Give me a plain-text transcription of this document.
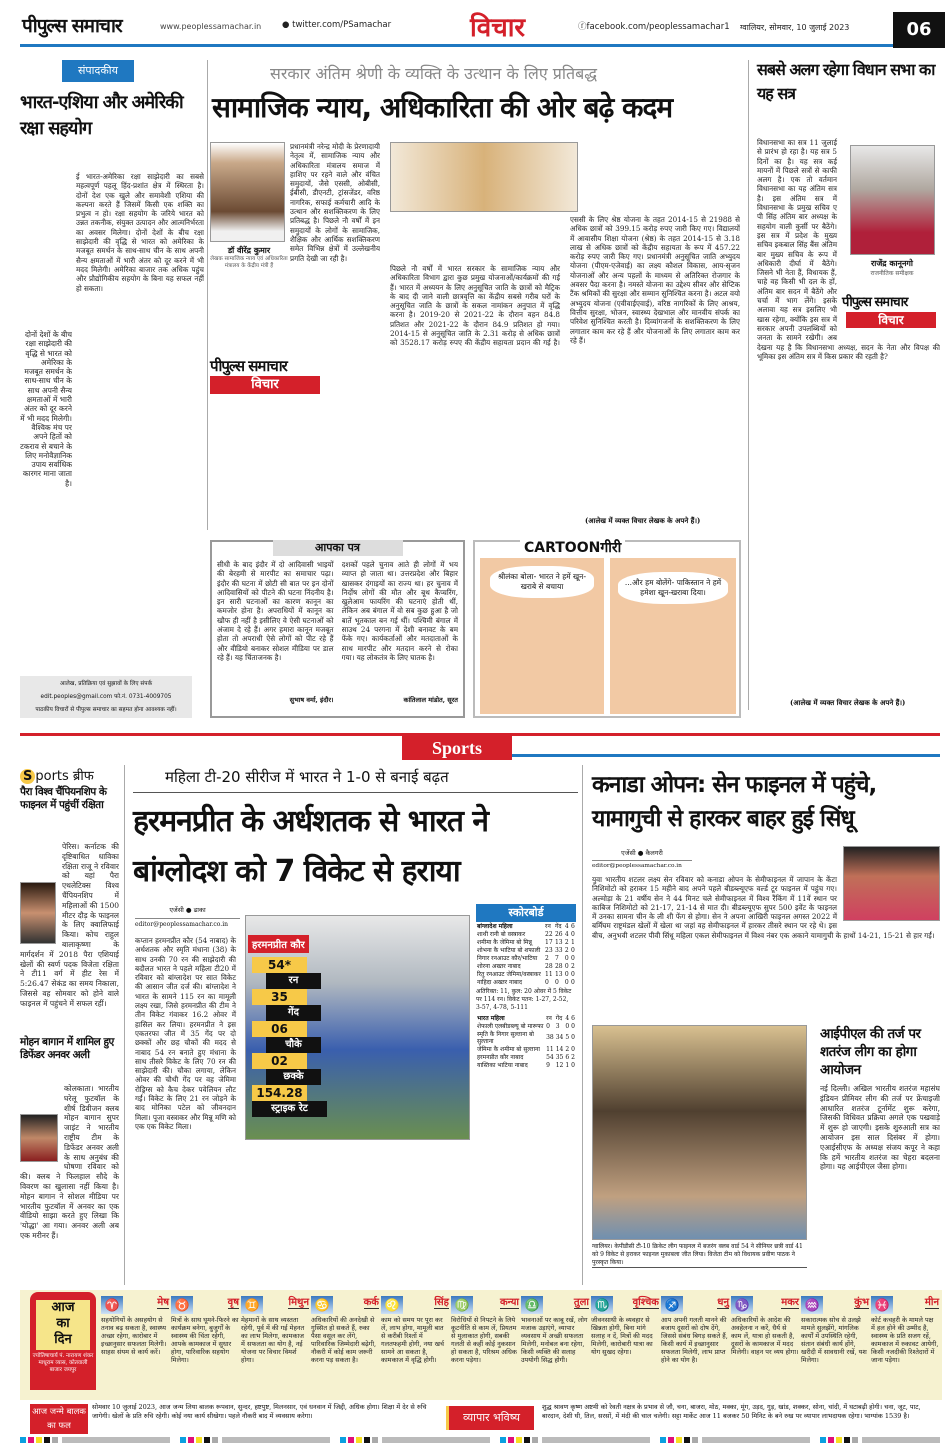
पीपुल्स समाचार	www.peoplessamachar.in ● twitter.com/PSamachar	विचार	ⓕfacebook.com/peoplessamachar1 ग्वालियर, सोमवार, 10 जुलाई 2023	06
संपादकीय
भारत-एशिया और अमेरिकी रक्षा सहयोग
ई भारत-अमेरिका रक्षा साझेदारी का सबसे महत्वपूर्ण पहलू हिंद-प्रशांत क्षेत्र में स्थिरता है। दोनों देश एक खुले और समावेशी एशिया की कल्पना करते हैं जिसमें किसी एक शक्ति का प्रभुत्व न हो। रक्षा सहयोग के जरिये भारत को उन्नत तकनीक, संयुक्त उत्पादन और आत्मनिर्भरता का अवसर मिलेगा। दोनों देशों के बीच रक्षा साझेदारी की वृद्धि से भारत को अमेरिका के मजबूत समर्थन के साथ-साथ चीन के साथ अपनी सैन्य क्षमताओं में भारी अंतर को दूर करने में भी मदद मिलेगी। अमेरिका बाजार तक अधिक पहुंच और प्रौद्योगिकीय सहयोग के बिना यह सफल नहीं हो सकता।
दोनों देशों के बीच रक्षा साझेदारी की वृद्धि से भारत को अमेरिका के मजबूत समर्थन के साथ-साथ चीन के साथ अपनी सैन्य क्षमताओं में भारी अंतर को दूर करने में भी मदद मिलेगी। वैश्विक मंच पर अपने हितों को टकराव से बचाने के लिए मनोवैज्ञानिक उपाय सर्वाधिक कारगर माना जाता है।
आलेख, प्रतिक्रिया एवं सुझावों के लिए संपर्क
edit.peoples@gmail.com फो.नं. 0731-4009705
पाठकीय विचारों से पीपुल्स समाचार का सहमत होना आवश्यक नहीं।
सरकार अंतिम श्रेणी के व्यक्ति के उत्थान के लिए प्रतिबद्ध
सामाजिक न्याय, अधिकारिता की ओर बढ़े कदम
डॉ वीरेंद्र कुमार
लेखक सामाजिक न्याय एवं अधिकारिता मंत्रालय के केंद्रीय मंत्री हैं
प्रधानमंत्री नरेन्द्र मोदी के प्रेरणादायी नेतृत्व में, सामाजिक न्याय और अधिकारिता मंत्रालय समाज में हाशिए पर रहने वाले और वंचित समुदायों, जैसे एससी, ओबीसी, ईबीसी, डीएनटी, ट्रांसजेंडर, वरिष्ठ नागरिक, सफाई कर्मचारी आदि के उत्थान और सशक्तिकरण के लिए प्रतिबद्ध है। पिछले नौ वर्षों में इन समुदायों के लोगों के सामाजिक, शैक्षिक और आर्थिक सशक्तिकरण समेत विभिन्न क्षेत्रों में उल्लेखनीय प्रगति देखी जा रही है।
पीपुल्स समाचार
विचार
पिछले नौ वर्षों में भारत सरकार के सामाजिक न्याय और अधिकारिता विभाग द्वारा कुछ प्रमुख योजनाओं/कार्यक्रमों की गई हैं। भारत में अध्ययन के लिए अनुसूचित जाति के छात्रों को मैट्रिक के बाद दी जाने वाली छात्रवृत्ति का केंद्रीय सबसे गरीब घरों के अनुसूचित जाति के छात्रों के सकल नामांकन अनुपात में वृद्धि करना है। 2019-20 से 2021-22 के दौरान वहन 84.8 प्रतिशत और 2021-22 के दौरान 84.9 प्रतिशत हो गया। 2014-15 से अनुसूचित जाति के 2.31 करोड़ से अधिक छात्रों को 3528.17 करोड़ रुपए की केंद्रीय सहायता प्रदान की गई है। एससी के लिए श्रेष्ठ योजना के तहत 2014-15 से 21988 से अधिक छात्रों को 399.15 करोड़ रुपए जारी किए गए। विद्यालयों में आवासीय शिक्षा योजना (श्रेष्ठ) के तहत 2014-15 से 3.18 लाख से अधिक छात्रों को केंद्रीय सहायता के रूप में 457.22 करोड़ रुपए जारी किए गए। प्रधानमंत्री अनुसूचित जाति अभ्युदय योजना (पीएम-एजेवाई) का लक्ष्य कौशल विकास, आय-सृजन योजनाओं और अन्य पहलों के माध्यम से अतिरिक्त रोजगार के अवसर पैदा करना है। नमस्ते योजना का उद्देश्य सीवर और सेप्टिक टैंक श्रमिकों की सुरक्षा और सम्मान सुनिश्चित करना है। अटल वयो अभ्युदय योजना (एवीवाईएवाई), वरिष्ठ नागरिकों के लिए आश्रय, वित्तीय सुरक्षा, भोजन, स्वास्थ्य देखभाल और मानवीय संपर्क का परिवेश सुनिश्चित करती है। दिव्यांगजनों के सशक्तिकरण के लिए लगातार काम कर रहे हैं और योजनाओं के लिए लगातार काम कर रहे हैं।
(आलेख में व्यक्त विचार लेखक के अपने हैं।)
सबसे अलग रहेगा विधान सभा का यह सत्र
राजेंद्र कानूनगो
राजनीतिक समीक्षक
पीपुल्स समाचार
विचार
विधानसभा का सत्र 11 जुलाई से प्रारंभ हो रहा है। यह सत्र 5 दिनों का है। यह सत्र कई मायनों में पिछले सत्रों से काफी अलग है। एक तो वर्तमान विधानसभा का यह अंतिम सत्र है। इस अंतिम सत्र में विधानसभा के प्रमुख सचिव ए पी सिंह अंतिम बार अध्यक्ष के सहयोग वाली कुर्सी पर बैठेंगे। इस सत्र में प्रदेश के मुख्य सचिव इकबाल सिंह बैंस अंतिम बार मुख्य सचिव के रूप में अधिकारी दीर्घा में बैठेंगे। जिसने भी नेता हैं, विधायक हैं, चाहे वह किसी भी दल के हों, अंतिम बार सदन में बैठेंगे और चर्चा में भाग लेंगे। इसके अलावा यह सत्र इसलिए भी खास रहेगा, क्योंकि इस सत्र में सरकार अपनी उपलब्धियों को जनता के सामने रखेगी। अब देखना यह है कि विधानसभा अध्यक्ष, सदन के नेता और विपक्ष की भूमिका इस अंतिम सत्र में किस प्रकार की रहती है?
(आलेख में व्यक्त विचार लेखक के अपने हैं।)
आपका पत्र
सीधी के बाद इंदौर में दो आदिवासी भाइयों की बेरहमी से मारपीट का समाचार पढ़ा। इंदौर की घटना में छोटी सी बात पर इन दोनों आदिवासियों को पीटने की घटना निंदनीय है। इन सारी घटनाओं का कारण कानून का कमजोर होना है। अपराधियों में कानून का खौफ ही नहीं है इसीलिए वे ऐसी घटनाओं को अंजाम दे रहे हैं। अगर हमारा कानून मजबूत होता तो अपराधी ऐसे लोगों को पीट रहे हैं और वीडियो बनाकर सोशल मीडिया पर डाल रहे हैं। यह चिंताजनक है।
सुभाष वर्मा, इंदौर।
दशकों पहले चुनाव आते ही लोगों में भय व्याप्त हो जाता था। उत्तरप्रदेश और बिहार खासकर दंगाइयों का राज्य था। हर चुनाव में निर्दोष लोगों की मौत और बूथ कैप्चरिंग, खुलेआम फायरिंग की घटनाएं होती थीं, लेकिन अब बंगाल में वो सब कुछ हुआ है जो बातें भूतकाल बन गई थीं। पश्चिमी बंगाल में साउथ 24 परगना में देशी बनावट के बम फेंके गए। कार्यकर्ताओं और मतदाताओं के साथ मारपीट और मतदान करने से रोका गया। यह लोकतंत्र के लिए घातक है।
कांतिलाल मांडोत, सूरत
CARTOONगीरी
श्रीलंका बोला- भारत ने हमें खून-खराबे से बचाया	...और हम बोलेंगे- पाकिस्तान ने हमें हमेशा खून-खराबा दिया।
Sports
S ports ब्रीफ
पैरा विश्व चैंपियनशिप के फाइनल में पहुंचीं रक्षिता
पेरिस। कर्नाटक की दृष्टिबाधित धाविका रक्षिता राजू ने रविवार को यहां पैरा एथलेटिक्स विश्व चैंपियनशिप में महिलाओं की 1500 मीटर दौड़ के फाइनल के लिए क्वालिफाई किया। कोच राहुल बालाकृष्णा के मार्गदर्शन में 2018 पैरा एशियाई खेलों की स्वर्ण पदक विजेता रक्षिता ने टी11 वर्ग में हीट रेस में 5:26.47 सेकंड का समय निकाला, जिससे वह सोमवार को होने वाले फाइनल में पहुंचने में सफल रहीं।
मोहन बागान में शामिल हुए डिफेंडर अनवर अली
कोलकाता। भारतीय घरेलू फुटबॉल के शीर्ष डिवीजन क्लब मोहन बागान सुपर जाइंट ने भारतीय राष्ट्रीय टीम के डिफेंडर अनवर अली के साथ अनुबंध की घोषणा रविवार को की। क्लब ने फिलहाल सौदे के विवरण का खुलासा नहीं किया है। मोहन बागान ने सोशल मीडिया पर भारतीय फुटबॉल में अनवर का एक वीडियो साझा करते हुए लिखा कि 'योद्धा' आ गया। अनवर अली अब एक मरीनर हैं।
महिला टी-20 सीरीज में भारत ने 1-0 से बनाई बढ़त
हरमनप्रीत के अर्धशतक से भारत ने बांग्लोदश को 7 विकेट से हराया
एजेंसी ● ढाका
editor@peoplessamachar.co.in
कप्तान हरमनप्रीत कौर (54 नाबाद) के अर्धशतक और स्मृति मंधाना (38) के साथ उनकी 70 रन की साझेदारी की बदौलत भारत ने पहले महिला टी20 में रविवार को बांग्लादेश पर सात विकेट की आसान जीत दर्ज की। बांग्लादेश ने भारत के सामने 115 रन का मामूली लक्ष्य रखा, जिसे हरमनप्रीत की टीम ने तीन विकेट गंवाकर 16.2 ओवर में हासिल कर लिया। हरमनप्रीत ने इस एकतरफा जीत में 35 गेंद पर दो छक्कों और छह चौकों की मदद से नाबाद 54 रन बनाते हुए मंधाना के साथ तीसरे विकेट के लिए 70 रन की साझेदारी की। चौका लगाया, लेकिन ओवर की चौथी गेंद पर वह जेमिमा रोड्रिग्स को कैच देकर पवेलियन लौट गईं। विकेट के लिए 21 रन जोड़ने के बाद मोनिका पटेल को जीवनदान मिला। पूजा वस्त्राकर और मिन्नू मणि को एक एक विकेट मिला।
हरमनप्रीत कौर
54*
रन
35
गेंद
06
चौके
02
छक्के
154.28
स्ट्राइक रेट
स्कोरबोर्ड
बांग्लादेश महिला	रन	गेंद	4	6
शाथी रानी बो वस्त्राकर	22	26	4	0
शमीमा कै जेमिमा बो मिन्नू	17	13	2	1
शोभना कै भाटिया बो शफाली	23	33	2	0
निगार रनआउट कौर/भाटिया	2	7	0	0
शोरना अख्तर नाबाद	28	28	0	2
रितु रनआउट जेमिमा/वस्त्राकर	11	13	0	0
नाहिदा अख्तर नाबाद	0	0	0	0
अतिरिक्त: 11, कुल: 20 ओवर में 5 विकेट पर 114 रन। विकेट पतन: 1-27, 2-52, 3-57, 4-78, 5-111
भारत महिला	रन	गेंद	4	6
शेफाली एलबीडब्ल्यू बो मारूफा	0	3	0	0
स्मृति कै निगार सुल्ताना बो सुल्ताना	38	34	5	0
जेमिमा कै शमीमा बो सुल्ताना	11	14	2	0
हरमनप्रीत कौर नाबाद	54	35	6	2
यास्तिका भाटिया नाबाद	9	12	1	0
कनाडा ओपन: सेन फाइनल में पहुंचे, यामागुची से हारकर बाहर हुई सिंधू
एजेंसी ● कैलगरी
editor@peoplessamachar.co.in
युवा भारतीय शटलर लक्ष्य सेन रविवार को कनाडा ओपन के सेमीफाइनल में जापान के केंटा निशिमोटो को हराकर 15 महीने बाद अपने पहले बीडब्ल्यूएफ वर्ल्ड टूर फाइनल में पहुंच गए। अल्मोड़ा के 21 वर्षीय सेन ने 44 मिनट चले सेमीफाइनल में विश्व रैंकिंग में 11वें स्थान पर काबिज निशिमोटो को 21-17, 21-14 से मात दी। बीडब्ल्यूएफ सुपर 500 इवेंट के फाइनल में उनका सामना चीन के ली शी फेंग से होगा। सेन ने अपना आखिरी फाइनल अगस्त 2022 में बर्मिंघम राष्ट्रमंडल खेलों में खेला था जहां वह सेमीफाइनल में हारकर तीसरे स्थान पर रहे थे। इस बीच, अनुभवी शटलर पीवी सिंधू महिला एकल सेमीफाइनल में विश्व नंबर एक अकाने यामागुची के हाथों 14-21, 15-21 से हार गईं।
ग्वालियर। केपीडीसी टी-10 क्रिकेट लीग फाइनल में बजरंग क्लब वार्ड 54 ने सीनियर छत्री वार्ड 41 को 9 विकेट से हराकर फाइनल मुकाबला जीत लिया। विजेता टीम को विधायक प्रवीण पाठक ने पुरस्कृत किया।
आईपीएल की तर्ज पर शतरंज लीग का होगा आयोजन
नई दिल्ली। अखिल भारतीय शतरंज महासंघ इंडियन प्रीमियर लीग की तर्ज पर फ्रेंचाइजी आधारित शतरंज टूर्नामेंट शुरू करेगा, जिसकी विधिवत प्रक्रिया अगले एक पखवाड़े में शुरू हो जाएगी। इसके शुरुआती सत्र का आयोजन इस साल दिसंबर में होगा। एआईसीएफ के अध्यक्ष संजय कपूर ने कहा कि हमें भारतीय शतरंज का चेहरा बदलना होगा। यह आईपीएल जैसा होगा।
आज
का
दिन
ज्योतिषाचार्य पं. नारायण शंकर माधूराम व्यास, कोतवाली बाजार जयपुर
♈	मेष
सहयोगियों के असहयोग से तनाव बढ़ सकता है, स्वास्थ्य अच्छा रहेगा, कारोबार में इच्छानुसार सफलता मिलेगी। साहस संयम से कार्य करें।
♉	वृष
मित्रों के साथ घूमने-फिरने का कार्यक्रम बनेगा, बुजुर्गों के स्वास्थ्य की चिंता रहेगी, आपके कामकाज में सुधार होगा, पारिवारिक सहयोग मिलेगा।
♊	मिथुन
मेहमानों के साथ व्यस्तता रहेगी, पूर्व में की गई मेहनत का लाभ मिलेगा, कामकाज में सफलता का योग है, नई योजना पर विचार विमर्श होगा।
♋	कर्क
अधिकारियों की अनदेखी से गुस्सित हो सकते हैं, रुका पैसा वसूल कर लेंगे, पारिवारिक जिम्मेदारी बढ़ेगी, नौकरी में कोई काम जरूरी करना पड़ सकता है।
♌	सिंह
काम को समय पर पूरा कर लें, लाभ होगा, मामूली बात से करीबी रिश्तों में गलतफहमी होगी, नया खर्च सामने आ सकता है, कामकाज में वृद्धि होगी।
♍	कन्या
विरोधियों से निपटने के लिये कूटनीति से काम लें, प्रियतम से मुलाकात होगी, सबकी गलती से कहीं कोई नुकसान हो सकता है, परिश्रम अधिक करना पड़ेगा।
♎	तुला
भावनाओं पर काबू रखें, लोग मजाक उड़ाएंगे, व्यापार व्यवसाय में अच्छी सफलता मिलेगी, मनोबल बना रहेगा, किसी व्यक्ति की सलाह उपयोगी सिद्ध होगी।
♏ वृश्चिक
जीवनसाथी के व्यवहार से खिन्नता होगी, बिना मांगे सलाह न दें, मित्रों की मदद मिलेगी, कारोबारी यात्रा का योग सुखद रहेगा।
♐	धनु
आप अपनी गलती मानने की बजाय दूसरों को दोष देंगे, जिससे संबंध बिगड़ सकते हैं, किसी कार्य में इच्छानुसार सफलता मिलेगी, लाभ प्राप्त होने का योग है।
♑	मकर
अधिकारियों के आदेश की अवहेलना न करें, धैर्य से काम लें, यात्रा हो सकती है, दूसरों के कामकाज में मदद मिलेगी। वाहन पर व्यय होगा।
♒	कुंभ
सकारात्मक सोच से उलझे मामले सुलझेंगे, मांगलिक कार्यों में उपस्थिति रहेगी, संतान संबंधी कार्य होंगे, खरीदी में सावधानी रखें, यश मिलेगा।
♓	मीन
कोर्ट कचहरी के मामले पक्ष में हल होने की उम्मीद है, स्वास्थ्य के प्रति सजग रहें, कामकाज में रुकावट आयेगी, किसी नजदीकी रिश्तेदारों में जाना पड़ेगा।
आज जन्मे बालक का फल
सोमवार 10 जुलाई 2023, आज जन्म लिया बालक रूपवान, सुन्दर, हष्टपुष्ट, मिलनसार, एवं धनवान में जिद्दी, अधिक होगा। शिक्षा में देर से रुचि जागेगी। खेलों के प्रति रुचि रहेगी। कोई नया कार्य सीखेगा। पहले नौकरी बाद में व्यवसाय करेगा।	व्यापार भविष्य
शुद्ध श्रावण कृष्ण अष्टमी को रेवती नक्षत्र के प्रभाव से जौ, चना, बाजरा, मोठ, मक्का, मूंग, उड़द, गुड़, खांड, शक्कर, सोना, चांदी, में घटाबढ़ी होगी। चना, जूट, पाट, बारदान, देशी घी, तिल, सरसों, में मंदी की चाल चलेगी। सट्टा मार्केट आज 11 बजकर 50 मिनिट के बने रुख पर व्यापार लाभदायक रहेगा। भाग्यांक 1539 है।
